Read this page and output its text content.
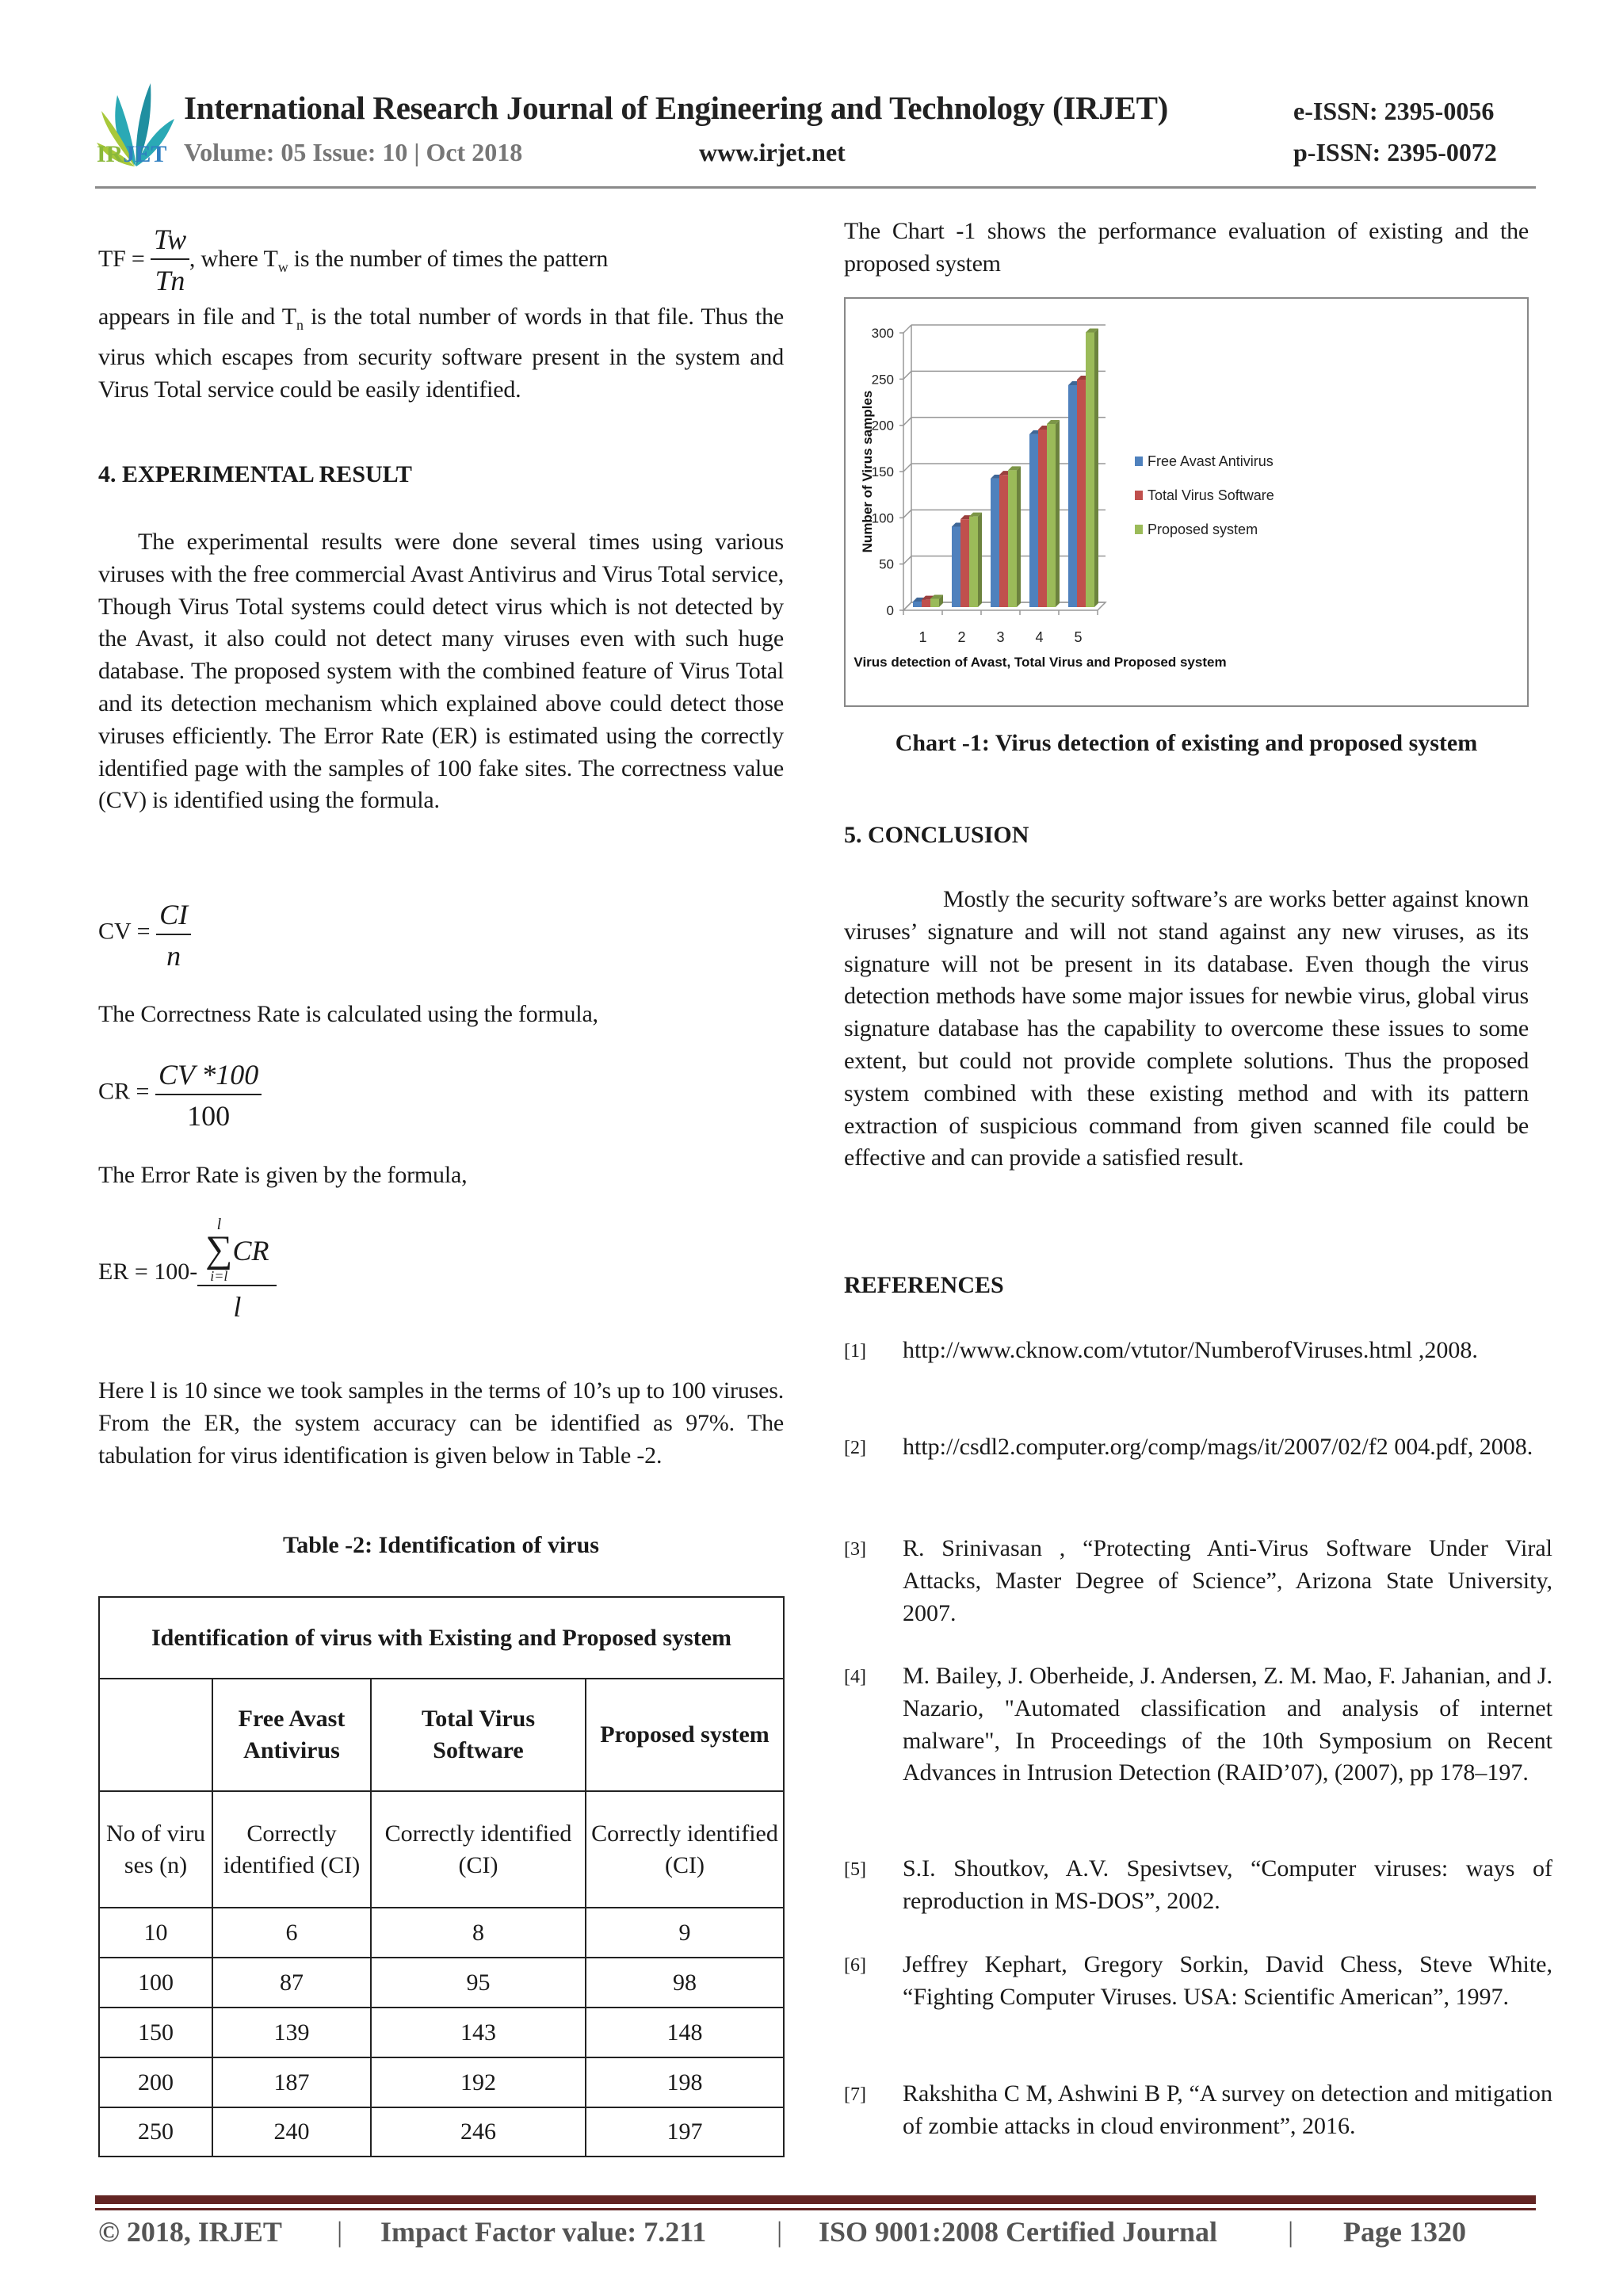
IRJET
International Research Journal of Engineering and Technology (IRJET)	e-ISSN: 2395-0056
Volume: 05 Issue: 10 | Oct 2018	www.irjet.net	p-ISSN: 2395-0072
TF = $\frac{Tw}{Tn}$ , where $T_w$ is the number of times the pattern
appears in file and $T_n$ is the total number of words in that file. Thus the virus which escapes from security software present in the system and Virus Total service could be easily identified.
4. EXPERIMENTAL RESULT
The experimental results were done several times using various viruses with the free commercial Avast Antivirus and Virus Total service, Though Virus Total systems could detect virus which is not detected by the Avast, it also could not detect many viruses even with such huge database. The proposed system with the combined feature of Virus Total and its detection mechanism which explained above could detect those viruses efficiently. The Error Rate (ER) is estimated using the correctly identified page with the samples of 100 fake sites. The correctness value (CV) is identified using the formula.
CV = $\frac{CI}{n}$
The Correctness Rate is calculated using the formula,
CR = $\frac{CV *100}{100}$
The Error Rate is given by the formula,
ER = 100- l
∑
i=l
CR
l
Here l is 10 since we took samples in the terms of 10’s up to 100 viruses. From the ER, the system accuracy can be identified as 97%. The tabulation for virus identification is given below in Table -2.
Table -2: Identification of virus
Identification of virus with Existing and Proposed system			
	Free Avast Antivirus	Total Virus Software	Proposed system
No of viruses (n)	Correctly identified (CI)	Correctly identified (CI)	Correctly identified (CI)
10	6	8	9
100	87	95	98
150	139	143	148
200	187	192	198
250	240	246	197
The Chart -1 shows the performance evaluation of existing and the proposed system
0
50
100
150
200
250
300
1 2 3 4 5
Virus detection of Avast, Total Virus and Proposed system
Number of Virus samples	Free Avast Antivirus
Total Virus Software
Proposed system
Chart -1: Virus detection of existing and proposed system
5. CONCLUSION
Mostly the security software’s are works better against known viruses’ signature and will not stand against any new viruses, as its signature will not be present in its database. Even though the virus detection methods have some major issues for newbie virus, global virus signature database has the capability to overcome these issues to some extent, but could not provide complete solutions. Thus the proposed system combined with these existing method and with its pattern extraction of suspicious command from given scanned file could be effective and can provide a satisfied result.
REFERENCES
[1] http://www.cknow.com/vtutor/NumberofViruses.html ,2008.
[2] http://csdl2.computer.org/comp/mags/it/2007/02/f2 004.pdf, 2008.
[3] R. Srinivasan , “Protecting Anti-Virus Software Under Viral Attacks, Master Degree of Science”, Arizona State University, 2007.
[4] M. Bailey, J. Oberheide, J. Andersen, Z. M. Mao, F. Jahanian, and J. Nazario, "Automated classification and analysis of internet malware", In Proceedings of the 10th Symposium on Recent Advances in Intrusion Detection (RAID’07), (2007), pp 178–197.
[5] S.I. Shoutkov, A.V. Spesivtsev, “Computer viruses: ways of reproduction in MS-DOS”, 2002.
[6] Jeffrey Kephart, Gregory Sorkin, David Chess, Steve White, “Fighting Computer Viruses. USA: Scientific American”, 1997.
[7] Rakshitha C M, Ashwini B P, “A survey on detection and mitigation of zombie attacks in cloud environment”, 2016.
© 2018, IRJET | Impact Factor value: 7.211 | ISO 9001:2008 Certified Journal | Page 1320
